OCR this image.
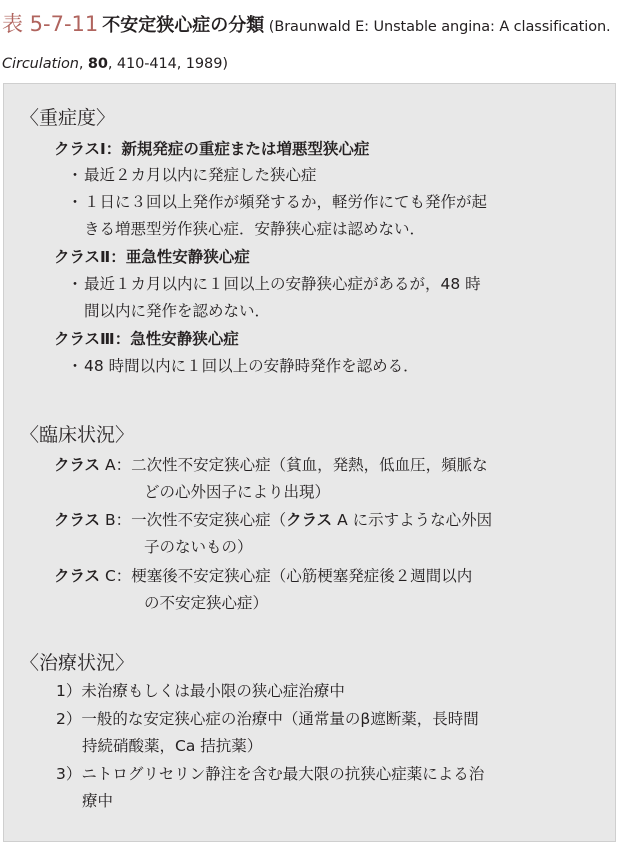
表 5-7-11 不安定狭心症の分類 (Braunwald E: Unstable angina: A classification. Circulation, 80, 410-414, 1989)
〈重症度〉
クラスⅠ：新規発症の重症または増悪型狭心症
・最近２カ月以内に発症した狭心症
・１日に３回以上発作が頻発するか，軽労作にても発作が起
きる増悪型労作狭心症．安静狭心症は認めない．
クラスⅡ：亜急性安静狭心症
・最近１カ月以内に１回以上の安静狭心症があるが，48 時
間以内に発作を認めない．
クラスⅢ：急性安静狭心症
・48 時間以内に１回以上の安静時発作を認める．
〈臨床状況〉
クラス A：二次性不安定狭心症（貧血，発熱，低血圧，頻脈な
どの心外因子により出現）
クラス B：一次性不安定狭心症（クラス A に示すような心外因
子のないもの）
クラス C：梗塞後不安定狭心症（心筋梗塞発症後２週間以内
の不安定狭心症）
〈治療状況〉
1）未治療もしくは最小限の狭心症治療中
2）一般的な安定狭心症の治療中（通常量のβ遮断薬，長時間
持続硝酸薬，Ca 拮抗薬）
3）ニトログリセリン静注を含む最大限の抗狭心症薬による治
療中
